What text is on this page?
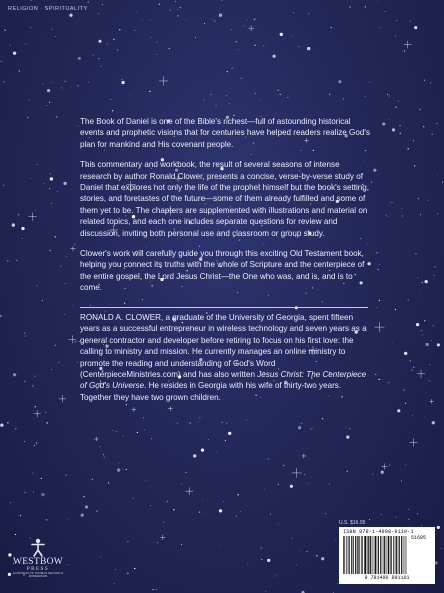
RELIGION · SPIRITUALITY

The Book of Daniel is one of the Bible's richest—full of astounding historical events and prophetic visions that for centuries have helped readers realize God's plan for mankind and His covenant people.

This commentary and workbook, the result of several seasons of intense research by author Ronald Clower, presents a concise, verse-by-verse study of Daniel that explores not only the life of the prophet himself but the book's setting, stories, and foretastes of the future—some of them already fulfilled and some of them yet to be. The chapters are supplemented with illustrations and material on related topics, and each one includes separate questions for review and discussion, inviting both personal use and classroom or group study.

Clower's work will carefully guide you through this exciting Old Testament book, helping you connect its truths with the whole of Scripture and the centerpiece of the entire gospel, the Lord Jesus Christ—the One who was, and is, and is to come.

RONALD A. CLOWER, a graduate of the University of Georgia, spent fifteen years as a successful entrepreneur in wireless technology and seven years as a general contractor and developer before retiring to focus on his first love: the calling to ministry and mission. He currently manages an online ministry to promote the reading and understanding of God's Word (CenterpieceMinistries.com) and has also written Jesus Christ: The Centerpiece of God's Universe. He resides in Georgia with his wife of thirty-two years. Together they have two grown children.
U.S. $16.95
ISBN 978-1-4908-9110-1
51695
9 781490 891101
WESTBOW
PRESS
A DIVISION OF THOMAS NELSON & ZONDERVAN
